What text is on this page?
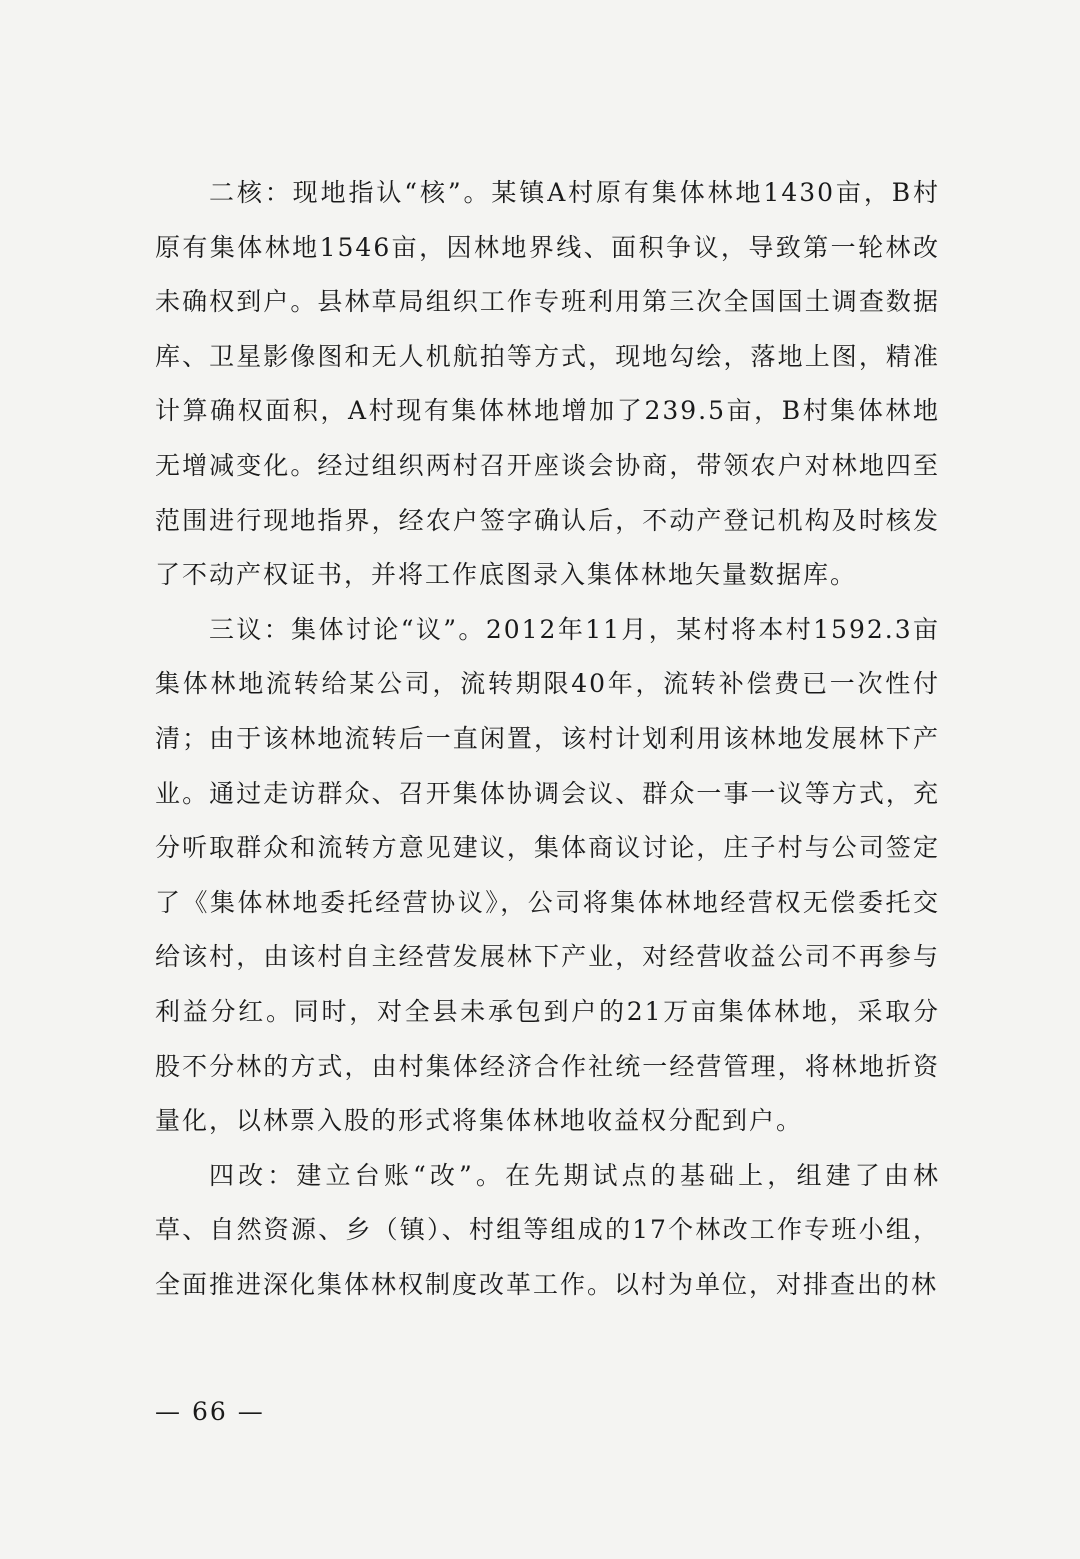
二核：现地指认“核”。某镇A村原有集体林地1430亩，B村原有集体林地1546亩，因林地界线、面积争议，导致第一轮林改未确权到户。县林草局组织工作专班利用第三次全国国土调查数据库、卫星影像图和无人机航拍等方式，现地勾绘，落地上图，精准计算确权面积，A村现有集体林地增加了239.5亩，B村集体林地无增减变化。经过组织两村召开座谈会协商，带领农户对林地四至范围进行现地指界，经农户签字确认后，不动产登记机构及时核发了不动产权证书，并将工作底图录入集体林地矢量数据库。

三议：集体讨论“议”。2012年11月，某村将本村1592.3亩集体林地流转给某公司，流转期限40年，流转补偿费已一次性付清；由于该林地流转后一直闲置，该村计划利用该林地发展林下产业。通过走访群众、召开集体协调会议、群众一事一议等方式，充分听取群众和流转方意见建议，集体商议讨论，庄子村与公司签定了《集体林地委托经营协议》，公司将集体林地经营权无偿委托交给该村，由该村自主经营发展林下产业，对经营收益公司不再参与利益分红。同时，对全县未承包到户的21万亩集体林地，采取分股不分林的方式，由村集体经济合作社统一经营管理，将林地折资量化，以林票入股的形式将集体林地收益权分配到户。

四改：建立台账“改”。在先期试点的基础上，组建了由林草、自然资源、乡（镇）、村组等组成的17个林改工作专班小组，全面推进深化集体林权制度改革工作。以村为单位，对排查出的林

— 66 —
